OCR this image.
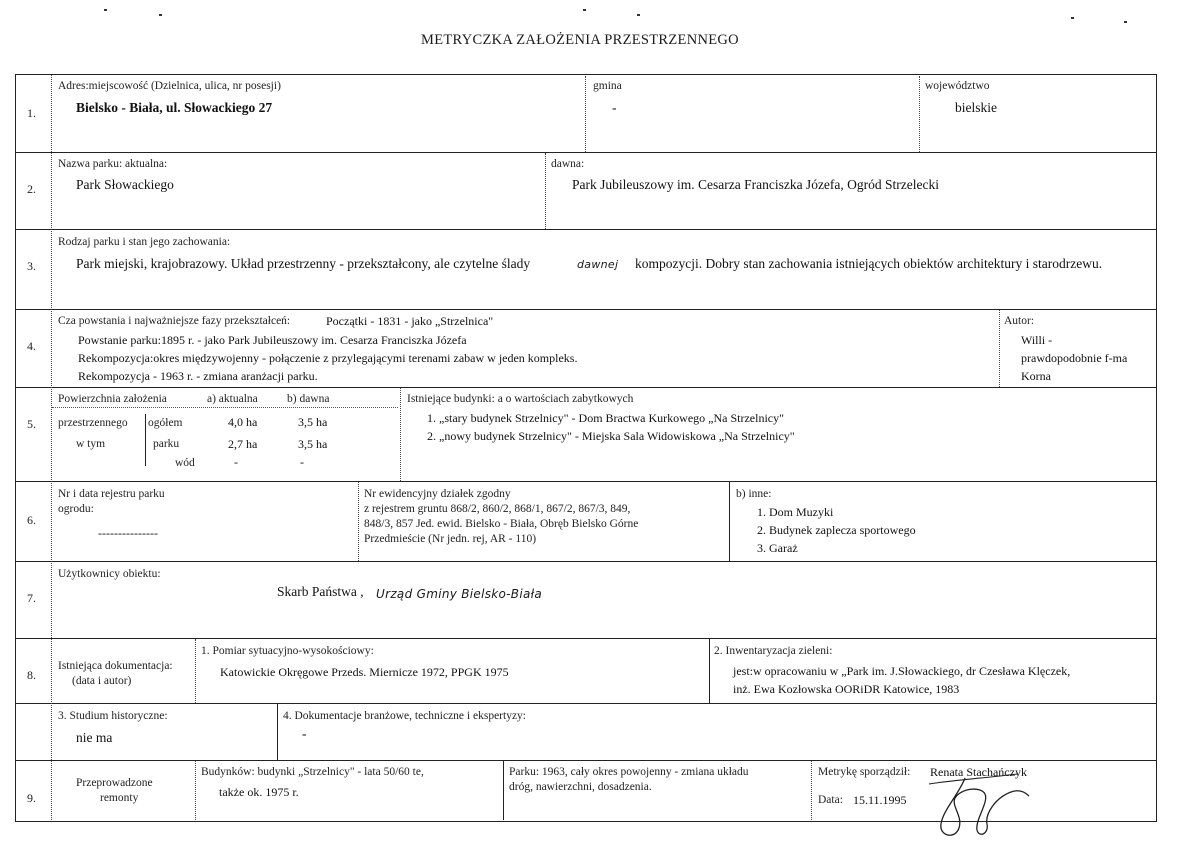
METRYCZKA ZAŁOŻENIA PRZESTRZENNEGO
1.
Adres:miejscowość (Dzielnica, ulica, nr posesji)
Bielsko - Biała, ul. Słowackiego 27
gmina
-
województwo
bielskie
2.
Nazwa parku: aktualna:
Park Słowackiego
dawna:
Park Jubileuszowy im. Cesarza Franciszka Józefa, Ogród Strzelecki
3.
Rodzaj parku i stan jego zachowania:
Park miejski, krajobrazowy. Układ przestrzenny - przekształcony, ale czytelne ślady	dawnej kompozycji. Dobry stan zachowania istniejących obiektów architektury i starodrzewu.
4.
Cza powstania i najważniejsze fazy przekształceń:	Początki - 1831 - jako „Strzelnica"
Powstanie parku:1895 r. - jako Park Jubileuszowy im. Cesarza Franciszka Józefa
Rekompozycja:okres międzywojenny - połączenie z przylegającymi terenami zabaw w jeden kompleks.
Rekompozycja - 1963 r. - zmiana aranżacji parku.
Autor:
Willi -
prawdopodobnie f-ma
Korna
5.
Powierzchnia założenia	a) aktualna	b) dawna
przestrzennego
w tym
ogółem	4,0 ha	3,5 ha
parku	2,7 ha	3,5 ha
wód	-	-
Istniejące budynki: a o wartościach zabytkowych
1. „stary budynek Strzelnicy" - Dom Bractwa Kurkowego „Na Strzelnicy"
2. „nowy budynek Strzelnicy" - Miejska Sala Widowiskowa „Na Strzelnicy"
6.
Nr i data rejestru parku
ogrodu:
---------------
Nr ewidencyjny działek zgodny
z rejestrem gruntu 868/2, 860/2, 868/1, 867/2, 867/3, 849,
848/3, 857 Jed. ewid. Bielsko - Biała, Obręb Bielsko Górne
Przedmieście (Nr jedn. rej, AR - 110)
b) inne:
1. Dom Muzyki
2. Budynek zaplecza sportowego
3. Garaż
7.
Użytkownicy obiektu:
Skarb Państwa , Urząd Gminy Bielsko-Biała
8.
Istniejąca dokumentacja:
(data i autor)
1. Pomiar sytuacyjno-wysokościowy:
Katowickie Okręgowe Przeds. Miernicze 1972, PPGK 1975
2. Inwentaryzacja zieleni:
jest:w opracowaniu w „Park im. J.Słowackiego, dr Czesława Klęczek,
inż. Ewa Kozłowska OORiDR Katowice, 1983
3. Studium historyczne:
nie ma
4. Dokumentacje branżowe, techniczne i ekspertyzy:
-
9.
Przeprowadzone
remonty
Budynków: budynki „Strzelnicy" - lata 50/60 te,
także ok. 1975 r.
Parku: 1963, cały okres powojenny - zmiana układu
dróg, nawierzchni, dosadzenia.
Metrykę sporządził: Renata Stachańczyk
Data: 15.11.1995
